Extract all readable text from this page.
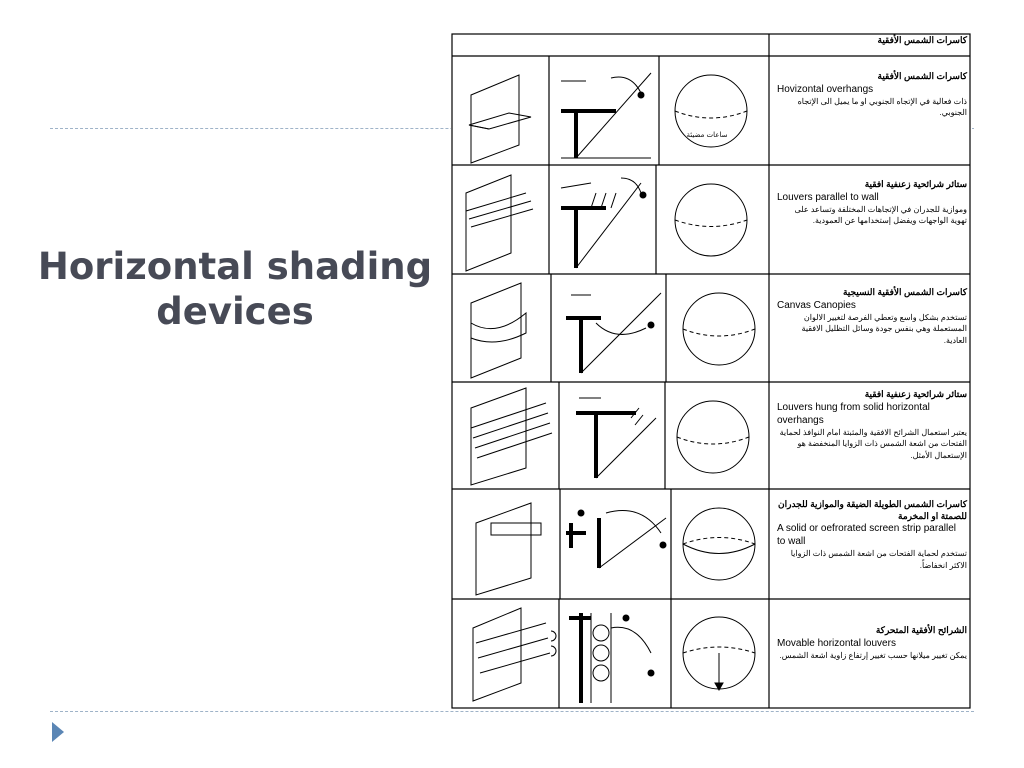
Horizontal shading devices
ساعات مضيئة
كاسرات الشمس الأفقية
كاسرات الشمس الأفقية
Hovizontal overhangs
ذات فعالية في الإتجاه الجنوبي او ما يميل الى الإتجاه الجنوبي.
ستائر شرائحية زعنفية افقية
Louvers parallel to wall
وموازية للجدران في الإتجاهات المختلفة وتساعد على تهوية الواجهات ويفضل إستخدامها عن العمودية.
كاسرات الشمس الأفقية النسيجية
Canvas Canopies
تستخدم بشكل واسع وتعطي الفرصة لتغيير الالوان المستعملة وهي بنفس جودة وسائل التظليل الافقية العادية.
ستائر شرائحية زعنفية افقية
Louvers hung from solid horizontal overhangs
يعتبر استعمال الشرائح الافقية والمثبتة امام النوافذ لحماية الفتحات من اشعة الشمس ذات الزوايا المنخفضة هو الإستعمال الأمثل.
كاسرات الشمس الطويلة الضيقة والموازية للجدران للصمتة او المخرمة
A solid or oefrorated screen strip parallel to wall
تستخدم لحماية الفتحات من اشعة الشمس ذات الزوايا الاكثر انخفاضاً.
الشرائح الأفقية المتحركة
Movable horizontal louvers
يمكن تغيير ميلانها حسب تغيير إرتفاع زاوية اشعة الشمس.
